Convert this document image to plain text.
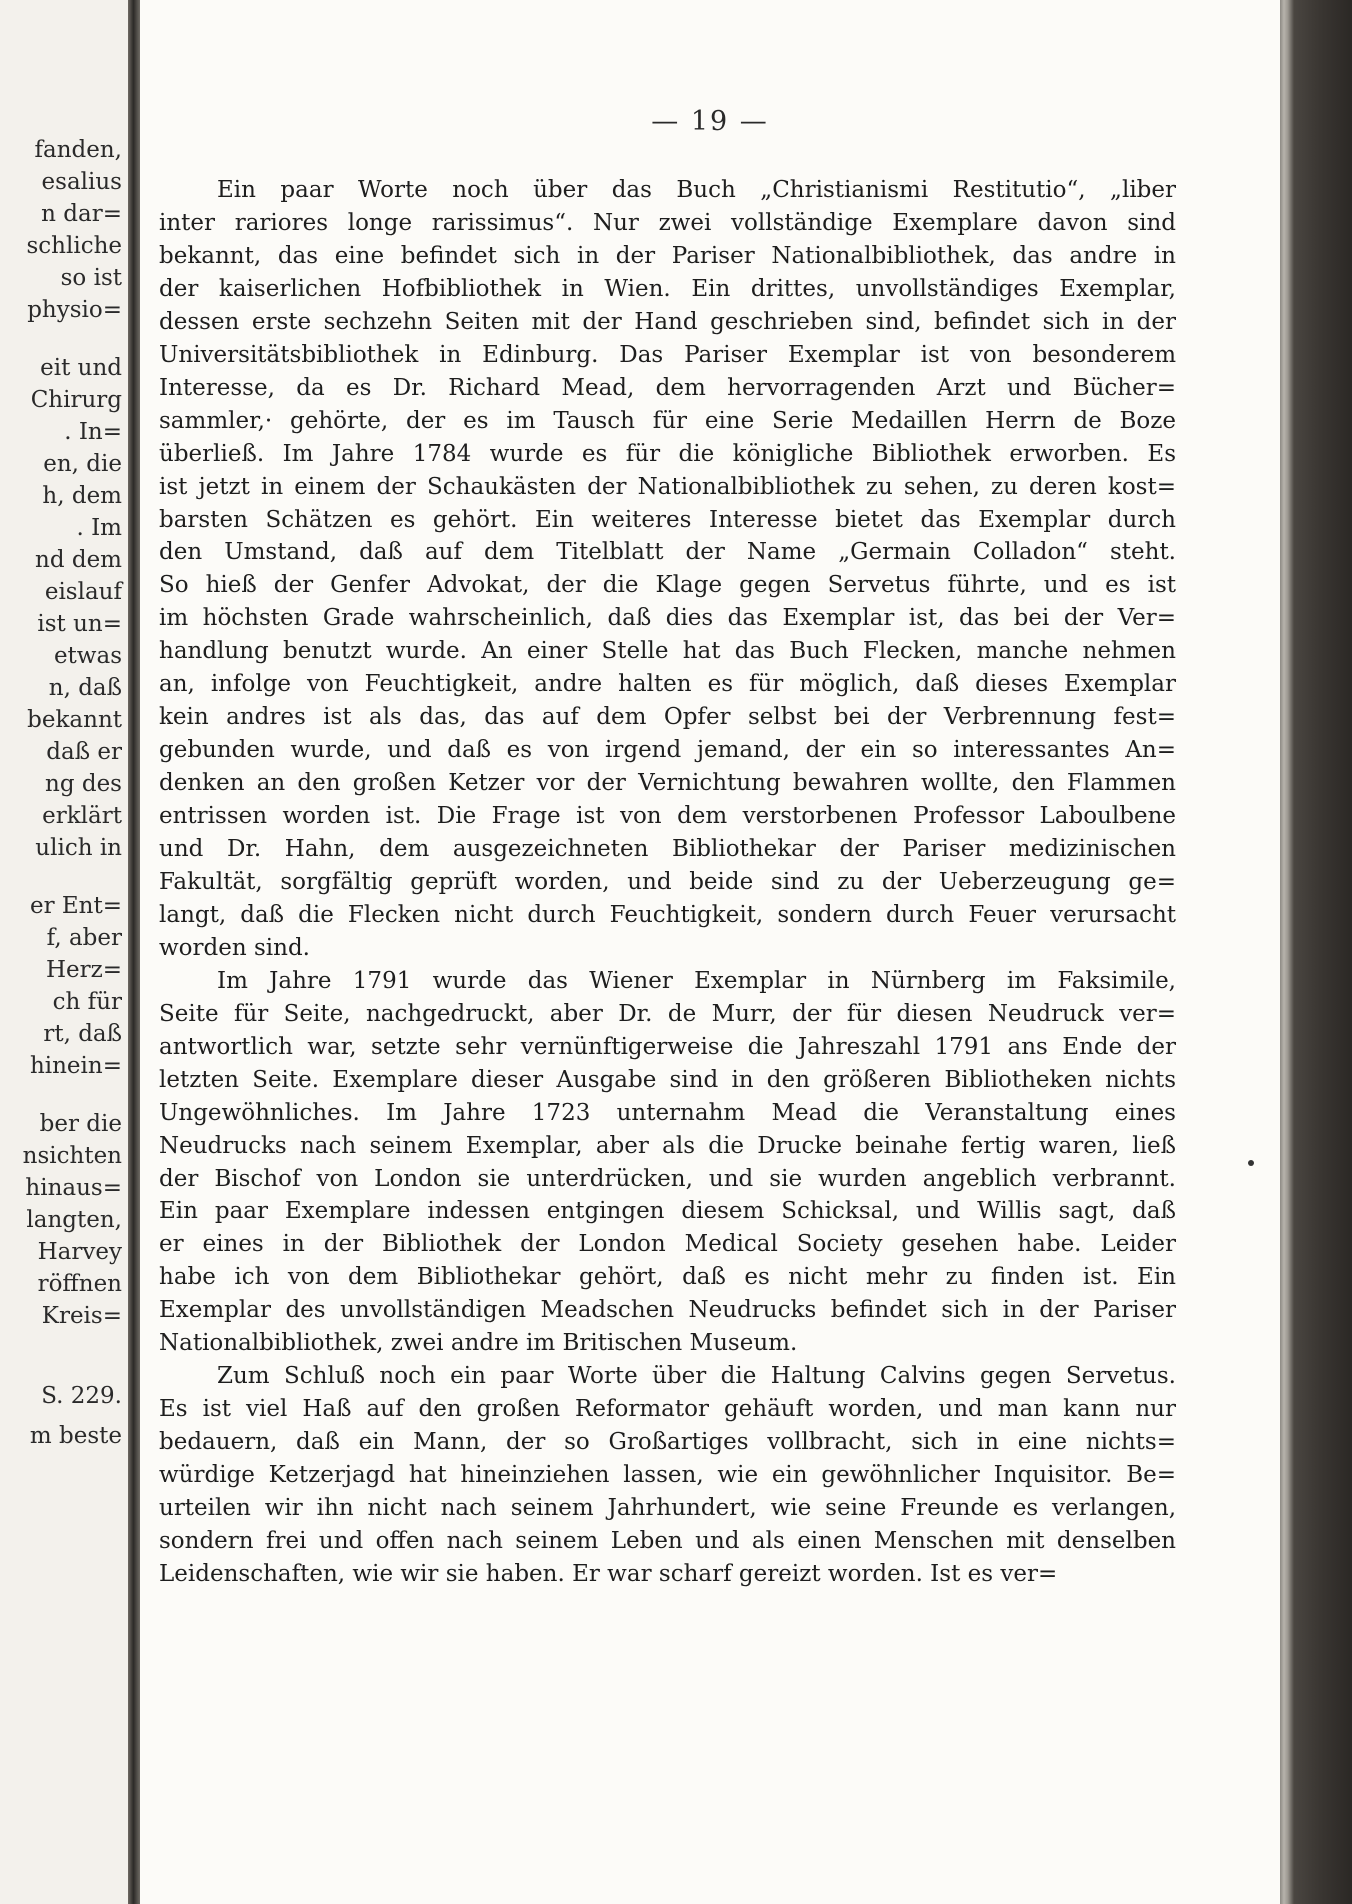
fanden,
esalius
n dar=
schliche
so ist
physio=
eit und
Chirurg
. In=
en, die
h, dem
. Im
nd dem
eislauf
ist un=
etwas
n, daß
bekannt
daß er
ng des
erklärt
ulich in
er Ent=
f, aber
Herz=
ch für
rt, daß
hinein=
ber die
nsichten
hinaus=
langten,
Harvey
röffnen
Kreis=
S. 229.
m beste
— 19 —
Ein paar Worte noch über das Buch „Christianismi Restitutio“, „liber
inter rariores longe rarissimus“. Nur zwei vollständige Exemplare davon sind
bekannt, das eine befindet sich in der Pariser Nationalbibliothek, das andre in
der kaiserlichen Hofbibliothek in Wien. Ein drittes, unvollständiges Exemplar,
dessen erste sechzehn Seiten mit der Hand geschrieben sind, befindet sich in der
Universitätsbibliothek in Edinburg. Das Pariser Exemplar ist von besonderem
Interesse, da es Dr. Richard Mead, dem hervorragenden Arzt und Bücher=
sammler,· gehörte, der es im Tausch für eine Serie Medaillen Herrn de Boze
überließ. Im Jahre 1784 wurde es für die königliche Bibliothek erworben. Es
ist jetzt in einem der Schaukästen der Nationalbibliothek zu sehen, zu deren kost=
barsten Schätzen es gehört. Ein weiteres Interesse bietet das Exemplar durch
den Umstand, daß auf dem Titelblatt der Name „Germain Colladon“ steht.
So hieß der Genfer Advokat, der die Klage gegen Servetus führte, und es ist
im höchsten Grade wahrscheinlich, daß dies das Exemplar ist, das bei der Ver=
handlung benutzt wurde. An einer Stelle hat das Buch Flecken, manche nehmen
an, infolge von Feuchtigkeit, andre halten es für möglich, daß dieses Exemplar
kein andres ist als das, das auf dem Opfer selbst bei der Verbrennung fest=
gebunden wurde, und daß es von irgend jemand, der ein so interessantes An=
denken an den großen Ketzer vor der Vernichtung bewahren wollte, den Flammen
entrissen worden ist. Die Frage ist von dem verstorbenen Professor Laboulbene
und Dr. Hahn, dem ausgezeichneten Bibliothekar der Pariser medizinischen
Fakultät, sorgfältig geprüft worden, und beide sind zu der Ueberzeugung ge=
langt, daß die Flecken nicht durch Feuchtigkeit, sondern durch Feuer verursacht
worden sind.
Im Jahre 1791 wurde das Wiener Exemplar in Nürnberg im Faksimile,
Seite für Seite, nachgedruckt, aber Dr. de Murr, der für diesen Neudruck ver=
antwortlich war, setzte sehr vernünftigerweise die Jahreszahl 1791 ans Ende der
letzten Seite. Exemplare dieser Ausgabe sind in den größeren Bibliotheken nichts
Ungewöhnliches. Im Jahre 1723 unternahm Mead die Veranstaltung eines
Neudrucks nach seinem Exemplar, aber als die Drucke beinahe fertig waren, ließ
der Bischof von London sie unterdrücken, und sie wurden angeblich verbrannt.
Ein paar Exemplare indessen entgingen diesem Schicksal, und Willis sagt, daß
er eines in der Bibliothek der London Medical Society gesehen habe. Leider
habe ich von dem Bibliothekar gehört, daß es nicht mehr zu finden ist. Ein
Exemplar des unvollständigen Meadschen Neudrucks befindet sich in der Pariser
Nationalbibliothek, zwei andre im Britischen Museum.
Zum Schluß noch ein paar Worte über die Haltung Calvins gegen Servetus.
Es ist viel Haß auf den großen Reformator gehäuft worden, und man kann nur
bedauern, daß ein Mann, der so Großartiges vollbracht, sich in eine nichts=
würdige Ketzerjagd hat hineinziehen lassen, wie ein gewöhnlicher Inquisitor. Be=
urteilen wir ihn nicht nach seinem Jahrhundert, wie seine Freunde es verlangen,
sondern frei und offen nach seinem Leben und als einen Menschen mit denselben
Leidenschaften, wie wir sie haben. Er war scharf gereizt worden. Ist es ver=
